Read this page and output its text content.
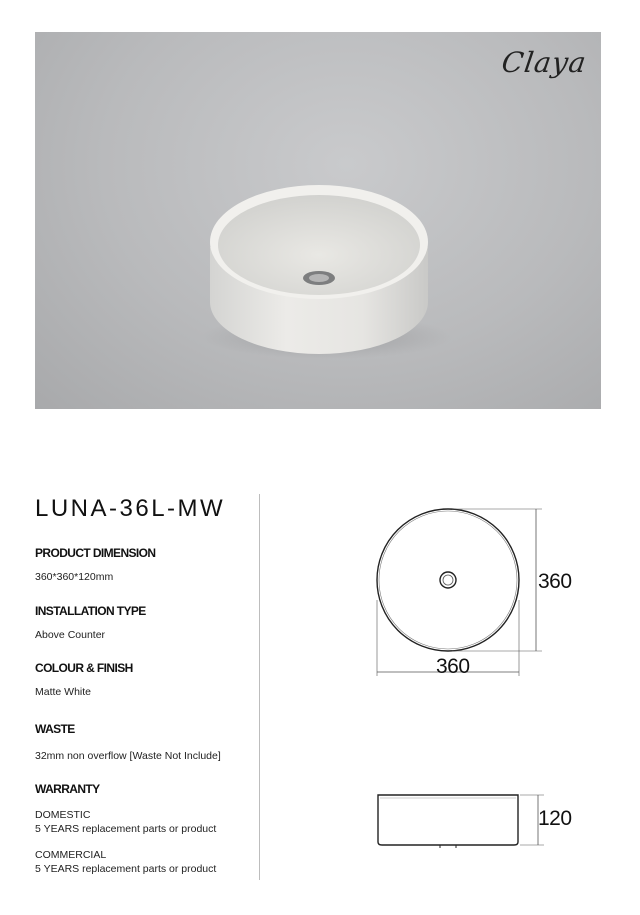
Claya
LUNA-36L-MW
PRODUCT DIMENSION
360*360*120mm
INSTALLATION TYPE
Above Counter
COLOUR & FINISH
Matte White
WASTE
32mm non overflow [Waste Not Include]
WARRANTY
DOMESTIC
5 YEARS replacement parts or product
COMMERCIAL
5 YEARS replacement parts or product
360
360
120
